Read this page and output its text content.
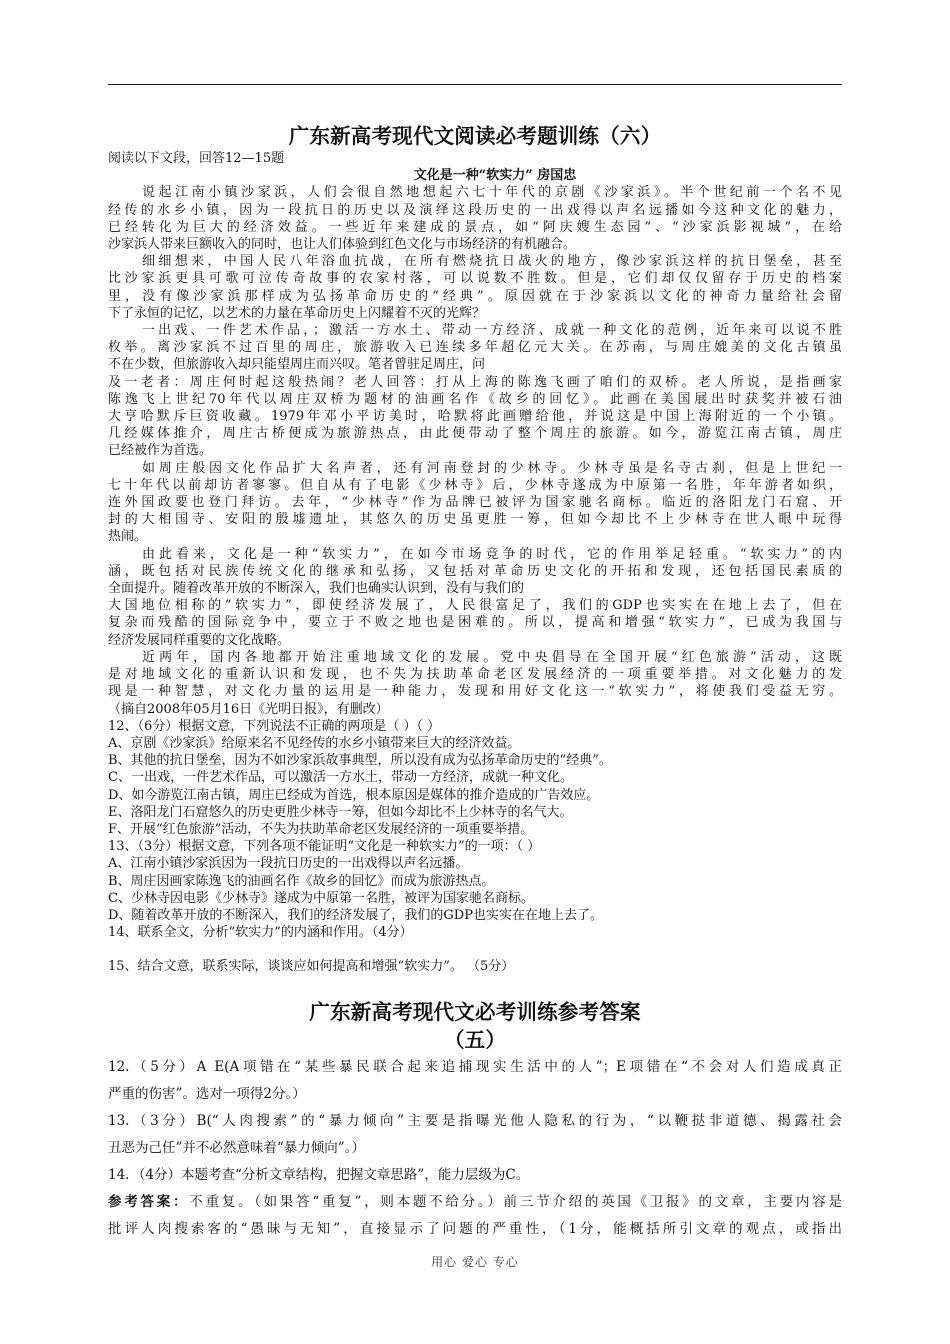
广东新高考现代文阅读必考题训练（六）

阅读以下文段，回答12—15题

文化是一种“软实力” 房国忠

说起江南小镇沙家浜，人们会很自然地想起六七十年代的京剧《沙家浜》。半个世纪前一个名不见

经传的水乡小镇，因为一段抗日的历史以及演绎这段历史的一出戏得以声名远播如今这种文化的魅力，

已经转化为巨大的经济效益。一些近年来建成的景点，如“阿庆嫂生态园”、“沙家浜影视城”，在给

沙家浜人带来巨额收入的同时，也让人们体验到红色文化与市场经济的有机融合。

细细想来，中国人民八年浴血抗战，在所有燃烧抗日战火的地方，像沙家浜这样的抗日堡垒，甚至

比沙家浜更具可歌可泣传奇故事的农家村落，可以说数不胜数。但是，它们却仅仅留存于历史的档案

里，没有像沙家浜那样成为弘扬革命历史的“经典”。原因就在于沙家浜以文化的神奇力量给社会留

下了永恒的记忆，以艺术的力量在革命历史上闪耀着不灭的光辉？

一出戏、一件艺术作品，；激活一方水土、带动一方经济、成就一种文化的范例，近年来可以说不胜

枚举。离沙家浜不过百里的周庄，旅游收入已连续多年超亿元大关。在苏南，与周庄媲美的文化古镇虽

不在少数，但旅游收入却只能望周庄而兴叹。笔者曾驻足周庄，问

及一老者：周庄何时起这般热闹？老人回答：打从上海的陈逸飞画了咱们的双桥。老人所说，是指画家

陈逸飞上世纪70年代以周庄双桥为题材的油画名作《故乡的回忆》。此画在美国展出时获奖并被石油

大亨哈默斥巨资收藏。1979年邓小平访美时，哈默将此画赠给他，并说这是中国上海附近的一个小镇。

几经媒体推介，周庄古桥便成为旅游热点，由此便带动了整个周庄的旅游。如今，游览江南古镇，周庄

已经被作为首选。

如周庄般因文化作品扩大名声者，还有河南登封的少林寺。少林寺虽是名寺古刹，但是上世纪一

七十年代以前却访者寥寥。但自从有了电影《少林寺》后，少林寺遂成为中原第一名胜，年年游者如织，

连外国政要也登门拜访。去年，“少林寺”作为品牌已被评为国家驰名商标。临近的洛阳龙门石窟、开

封的大相国寺、安阳的殷墟遗址，其悠久的历史虽更胜一筹，但如今却比不上少林寺在世人眼中玩得

热闹。

由此看来，文化是一种“软实力”，在如今市场竞争的时代，它的作用举足轻重。“软实力”的内

涵，既包括对民族传统文化的继承和弘扬，又包括对革命历史文化的开拓和发现，还包括国民素质的

全面提升。随着改革开放的不断深入，我们也确实认识到，没有与我们的

大国地位相称的“软实力”，即使经济发展了，人民很富足了，我们的GDP也实实在在地上去了，但在

复杂而残酷的国际竞争中，要立于不败之地也是困难的。所以，提高和增强“软实力”，已成为我国与

经济发展同样重要的文化战略。

近两年，国内各地都开始注重地域文化的发展。党中央倡导在全国开展“红色旅游”活动，这既

是对地域文化的重新认识和发现，也不失为扶助革命老区发展经济的一项重要举措。对文化魅力的发

现是一种智慧，对文化力量的运用是一种能力，发现和用好文化这一“软实力”，将使我们受益无穷。

（摘自2008年05月16日《光明日报》，有删改）

12、（6分）根据文意，下列说法不正确的两项是（ ）（ ）

A、京剧《沙家浜》给原来名不见经传的水乡小镇带来巨大的经济效益。

B、其他的抗日堡垒，因为不如沙家浜故事典型，所以没有成为弘扬革命历史的“经典”。

C、一出戏，一件艺术作品，可以激活一方水土，带动一方经济，成就一种文化。

D、如今游览江南古镇，周庄已经成为首选，根本原因是媒体的推介造成的广告效应。

E、洛阳龙门石窟悠久的历史更胜少林寺一筹，但如今却比不上少林寺的名气大。

F、开展“红色旅游”活动，不失为扶助革命老区发展经济的一项重要举措。

13、（3分）根据文意，下列各项不能证明“文化是一种软实力”的一项：（ ）

A、江南小镇沙家浜因为一段抗日历史的一出戏得以声名远播。

B、周庄因画家陈逸飞的油画名作《故乡的回忆》而成为旅游热点。

C、少林寺因电影《少林寺》遂成为中原第一名胜，被评为国家驰名商标。

D、随着改革开放的不断深入，我们的经济发展了，我们的GDP也实实在在地上去了。

14、联系全文，分析“软实力”的内涵和作用。（4分）

15、结合文意，联系实际，谈谈应如何提高和增强“软实力”。 （5分）

广东新高考现代文必考训练参考答案
（五）

12.（5分）A E(A项错在“某些暴民联合起来追捕现实生活中的人”；E项错在“不会对人们造成真正

严重的伤害”。选对一项得2分。）

13.（3分）B(“人肉搜索”的“暴力倾向”主要是指曝光他人隐私的行为，“以鞭挞非道德、揭露社会

丑恶为己任”并不必然意味着“暴力倾向”。）

14．（4分）本题考查“分析文章结构，把握文章思路”，能力层级为C。

参考答案：不重复。（如果答“重复”，则本题不给分。）前三节介绍的英国《卫报》的文章，主要内容是

批评人肉搜索客的“愚昧与无知”，直接显示了问题的严重性，（1分，能概括所引文章的观点，或指出

用心 爱心 专心
